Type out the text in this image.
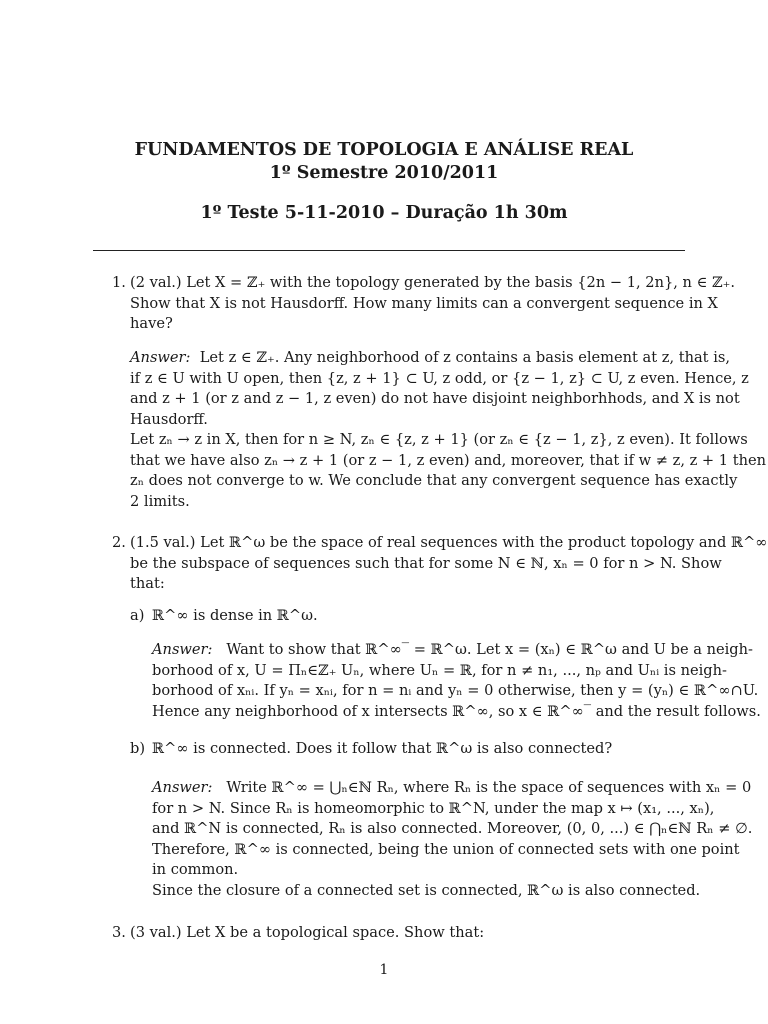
FUNDAMENTOS DE TOPOLOGIA E ANÁLISE REAL
1º Semestre 2010/2011
1º Teste 5-11-2010 – Duração 1h 30m
1. (2 val.) Let X = ℤ₊ with the topology generated by the basis {2n − 1, 2n}, n ∈ ℤ₊.
Show that X is not Hausdorff. How many limits can a convergent sequence in X
have?
Answer: Let z ∈ ℤ₊. Any neighborhood of z contains a basis element at z, that is,
if z ∈ U with U open, then {z, z + 1} ⊂ U, z odd, or {z − 1, z} ⊂ U, z even. Hence, z
and z + 1 (or z and z − 1, z even) do not have disjoint neighborhhods, and X is not
Hausdorff.
Let zₙ → z in X, then for n ≥ N, zₙ ∈ {z, z + 1} (or zₙ ∈ {z − 1, z}, z even). It follows
that we have also zₙ → z + 1 (or z − 1, z even) and, moreover, that if w ≠ z, z + 1 then
zₙ does not converge to w. We conclude that any convergent sequence has exactly
2 limits.
2. (1.5 val.) Let ℝ^ω be the space of real sequences with the product topology and ℝ^∞
be the subspace of sequences such that for some N ∈ ℕ, xₙ = 0 for n > N. Show
that:
a) ℝ^∞ is dense in ℝ^ω.
Answer: Want to show that ℝ^∞‾ = ℝ^ω. Let x = (xₙ) ∈ ℝ^ω and U be a neigh-
borhood of x, U = Πₙ∈ℤ₊ Uₙ, where Uₙ = ℝ, for n ≠ n₁, ..., nₚ and Uₙᵢ is neigh-
borhood of xₙᵢ. If yₙ = xₙᵢ, for n = nᵢ and yₙ = 0 otherwise, then y = (yₙ) ∈ ℝ^∞∩U.
Hence any neighborhood of x intersects ℝ^∞, so x ∈ ℝ^∞‾ and the result follows.
b) ℝ^∞ is connected. Does it follow that ℝ^ω is also connected?
Answer: Write ℝ^∞ = ⋃ₙ∈ℕ Rₙ, where Rₙ is the space of sequences with xₙ = 0
for n > N. Since Rₙ is homeomorphic to ℝ^N, under the map x ↦ (x₁, ..., xₙ),
and ℝ^N is connected, Rₙ is also connected. Moreover, (0, 0, ...) ∈ ⋂ₙ∈ℕ Rₙ ≠ ∅.
Therefore, ℝ^∞ is connected, being the union of connected sets with one point
in common.
Since the closure of a connected set is connected, ℝ^ω is also connected.
3. (3 val.) Let X be a topological space. Show that:
1
